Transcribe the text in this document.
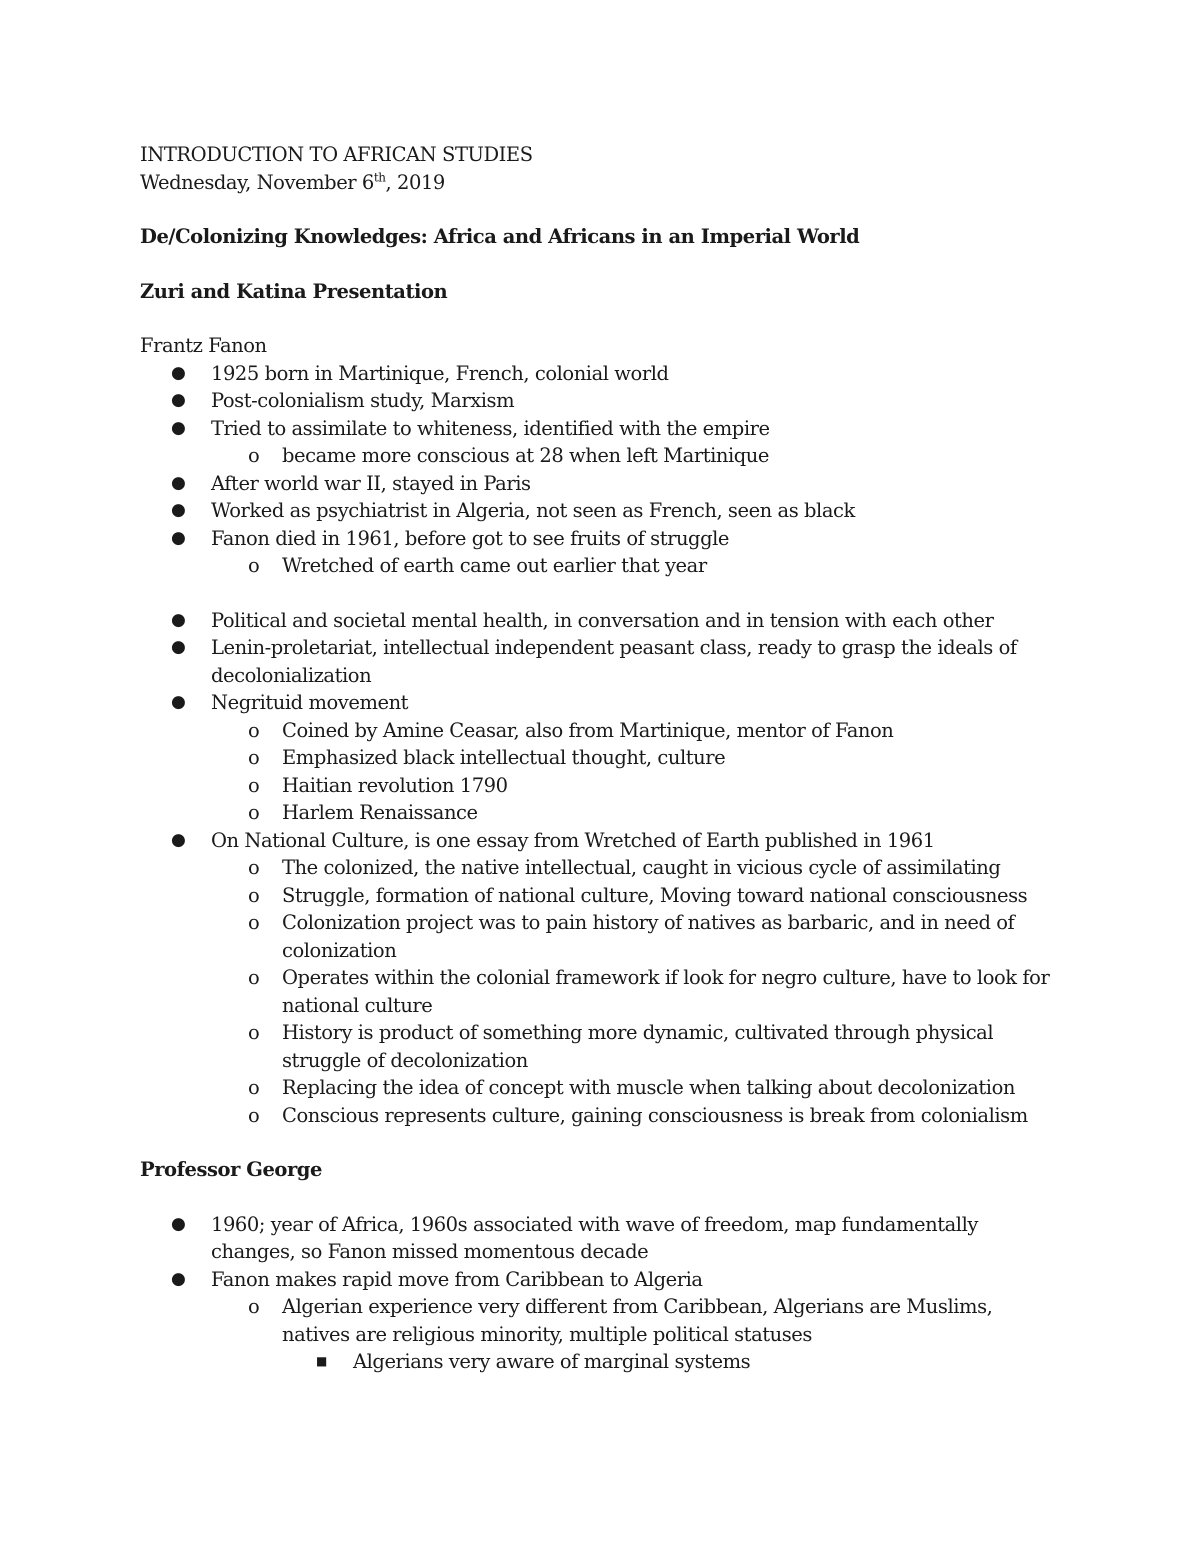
INTRODUCTION TO AFRICAN STUDIES
Wednesday, November 6th, 2019
De/Colonizing Knowledges: Africa and Africans in an Imperial World
Zuri and Katina Presentation
Frantz Fanon
● 1925 born in Martinique, French, colonial world
● Post-colonialism study, Marxism
● Tried to assimilate to whiteness, identified with the empire
o became more conscious at 28 when left Martinique
● After world war II, stayed in Paris
● Worked as psychiatrist in Algeria, not seen as French, seen as black
● Fanon died in 1961, before got to see fruits of struggle
o Wretched of earth came out earlier that year
● Political and societal mental health, in conversation and in tension with each other
● Lenin-proletariat, intellectual independent peasant class, ready to grasp the ideals of
decolonialization
● Negrituid movement
o Coined by Amine Ceasar, also from Martinique, mentor of Fanon
o Emphasized black intellectual thought, culture
o Haitian revolution 1790
o Harlem Renaissance
● On National Culture, is one essay from Wretched of Earth published in 1961
o The colonized, the native intellectual, caught in vicious cycle of assimilating
o Struggle, formation of national culture, Moving toward national consciousness
o Colonization project was to pain history of natives as barbaric, and in need of
colonization
o Operates within the colonial framework if look for negro culture, have to look for
national culture
o History is product of something more dynamic, cultivated through physical
struggle of decolonization
o Replacing the idea of concept with muscle when talking about decolonization
o Conscious represents culture, gaining consciousness is break from colonialism
Professor George
● 1960; year of Africa, 1960s associated with wave of freedom, map fundamentally
changes, so Fanon missed momentous decade
● Fanon makes rapid move from Caribbean to Algeria
o Algerian experience very different from Caribbean, Algerians are Muslims,
natives are religious minority, multiple political statuses
■ Algerians very aware of marginal systems
